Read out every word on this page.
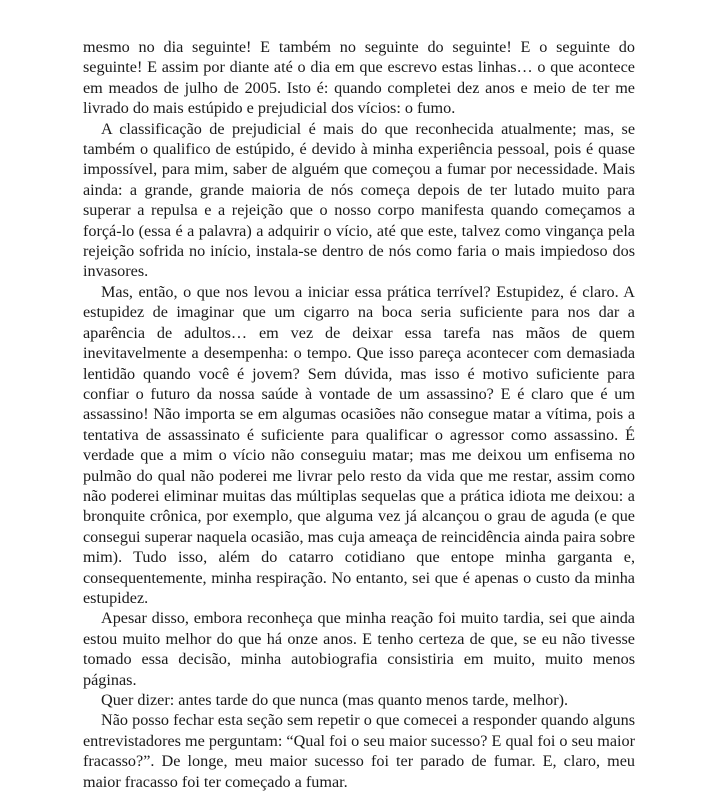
mesmo no dia seguinte! E também no seguinte do seguinte! E o seguinte do seguinte! E assim por diante até o dia em que escrevo estas linhas… o que acontece em meados de julho de 2005. Isto é: quando completei dez anos e meio de ter me livrado do mais estúpido e prejudicial dos vícios: o fumo.

A classificação de prejudicial é mais do que reconhecida atualmente; mas, se também o qualifico de estúpido, é devido à minha experiência pessoal, pois é quase impossível, para mim, saber de alguém que começou a fumar por necessidade. Mais ainda: a grande, grande maioria de nós começa depois de ter lutado muito para superar a repulsa e a rejeição que o nosso corpo manifesta quando começamos a forçá-lo (essa é a palavra) a adquirir o vício, até que este, talvez como vingança pela rejeição sofrida no início, instala-se dentro de nós como faria o mais impiedoso dos invasores.

Mas, então, o que nos levou a iniciar essa prática terrível? Estupidez, é claro. A estupidez de imaginar que um cigarro na boca seria suficiente para nos dar a aparência de adultos… em vez de deixar essa tarefa nas mãos de quem inevitavelmente a desempenha: o tempo. Que isso pareça acontecer com demasiada lentidão quando você é jovem? Sem dúvida, mas isso é motivo suficiente para confiar o futuro da nossa saúde à vontade de um assassino? E é claro que é um assassino! Não importa se em algumas ocasiões não consegue matar a vítima, pois a tentativa de assassinato é suficiente para qualificar o agressor como assassino. É verdade que a mim o vício não conseguiu matar; mas me deixou um enfisema no pulmão do qual não poderei me livrar pelo resto da vida que me restar, assim como não poderei eliminar muitas das múltiplas sequelas que a prática idiota me deixou: a bronquite crônica, por exemplo, que alguma vez já alcançou o grau de aguda (e que consegui superar naquela ocasião, mas cuja ameaça de reincidência ainda paira sobre mim). Tudo isso, além do catarro cotidiano que entope minha garganta e, consequentemente, minha respiração. No entanto, sei que é apenas o custo da minha estupidez.

Apesar disso, embora reconheça que minha reação foi muito tardia, sei que ainda estou muito melhor do que há onze anos. E tenho certeza de que, se eu não tivesse tomado essa decisão, minha autobiografia consistiria em muito, muito menos páginas.

Quer dizer: antes tarde do que nunca (mas quanto menos tarde, melhor).

Não posso fechar esta seção sem repetir o que comecei a responder quando alguns entrevistadores me perguntam: “Qual foi o seu maior sucesso? E qual foi o seu maior fracasso?”. De longe, meu maior sucesso foi ter parado de fumar. E, claro, meu maior fracasso foi ter começado a fumar.
